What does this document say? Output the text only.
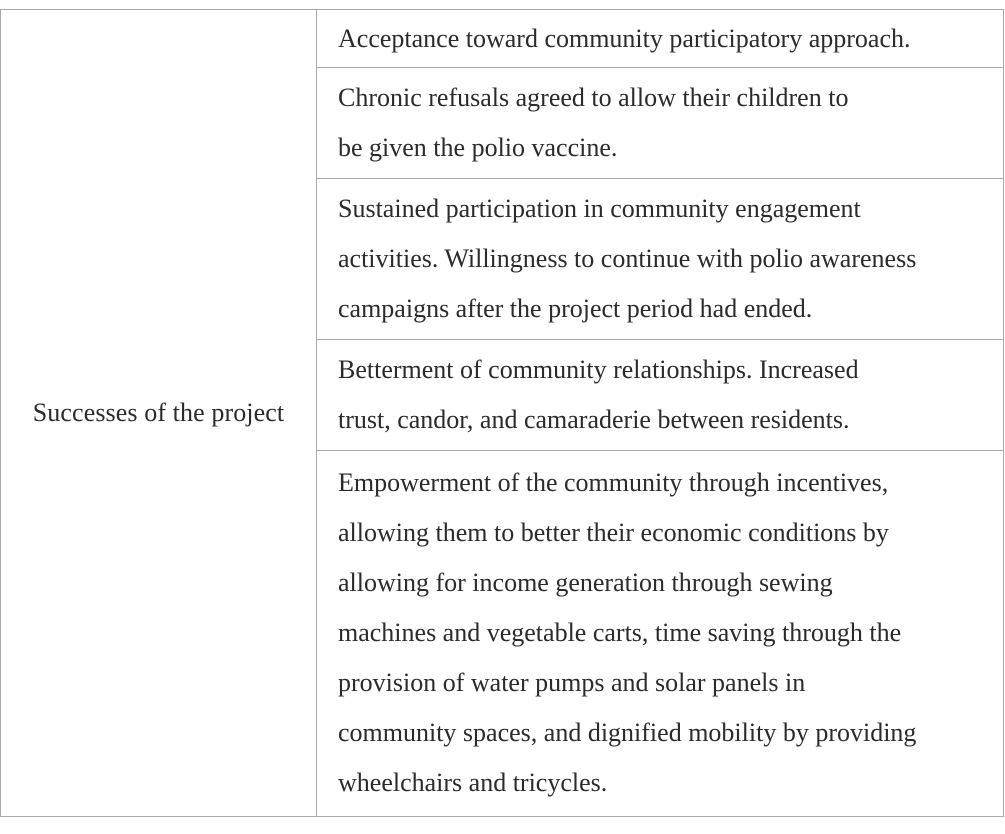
Successes of the project	
Acceptance toward community participatory approach.

Chronic refusals agreed to allow their children to
be given the polio vaccine.

Sustained participation in community engagement
activities. Willingness to continue with polio awareness
campaigns after the project period had ended.

Betterment of community relationships. Increased
trust, candor, and camaraderie between residents.

Empowerment of the community through incentives,
allowing them to better their economic conditions by
allowing for income generation through sewing
machines and vegetable carts, time saving through the
provision of water pumps and solar panels in
community spaces, and dignified mobility by providing
wheelchairs and tricycles.
